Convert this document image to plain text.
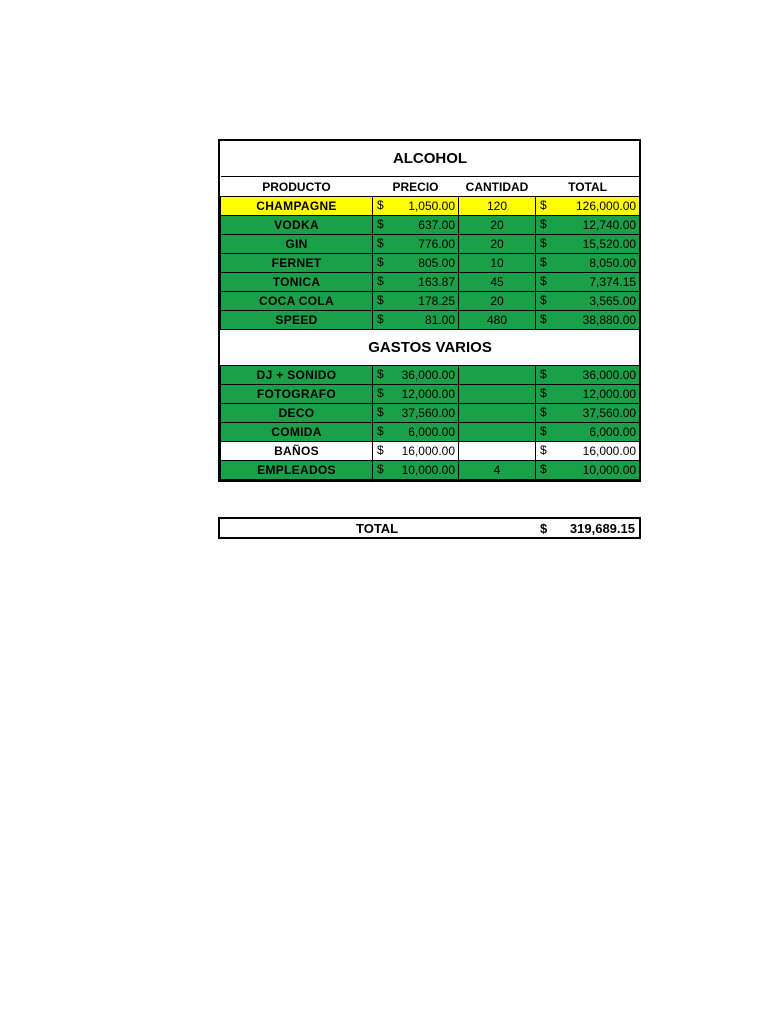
ALCOHOL			
PRODUCTO	PRECIO	CANTIDAD	TOTAL
CHAMPAGNE	$ 1,050.00	120	$ 126,000.00
VODKA	$ 637.00	20	$ 12,740.00
GIN	$ 776.00	20	$ 15,520.00
FERNET	$ 805.00	10	$ 8,050.00
TONICA	$ 163.87	45	$ 7,374.15
COCA COLA	$ 178.25	20	$ 3,565.00
SPEED	$ 81.00	480	$ 38,880.00
GASTOS VARIOS			
DJ + SONIDO	$ 36,000.00		$ 36,000.00
FOTOGRAFO	$ 12,000.00		$ 12,000.00
DECO	$ 37,560.00		$ 37,560.00
COMIDA	$ 6,000.00		$ 6,000.00
BAÑOS	$ 16,000.00		$ 16,000.00
EMPLEADOS	$ 10,000.00	4	$ 10,000.00
TOTAL	$ 319,689.15
